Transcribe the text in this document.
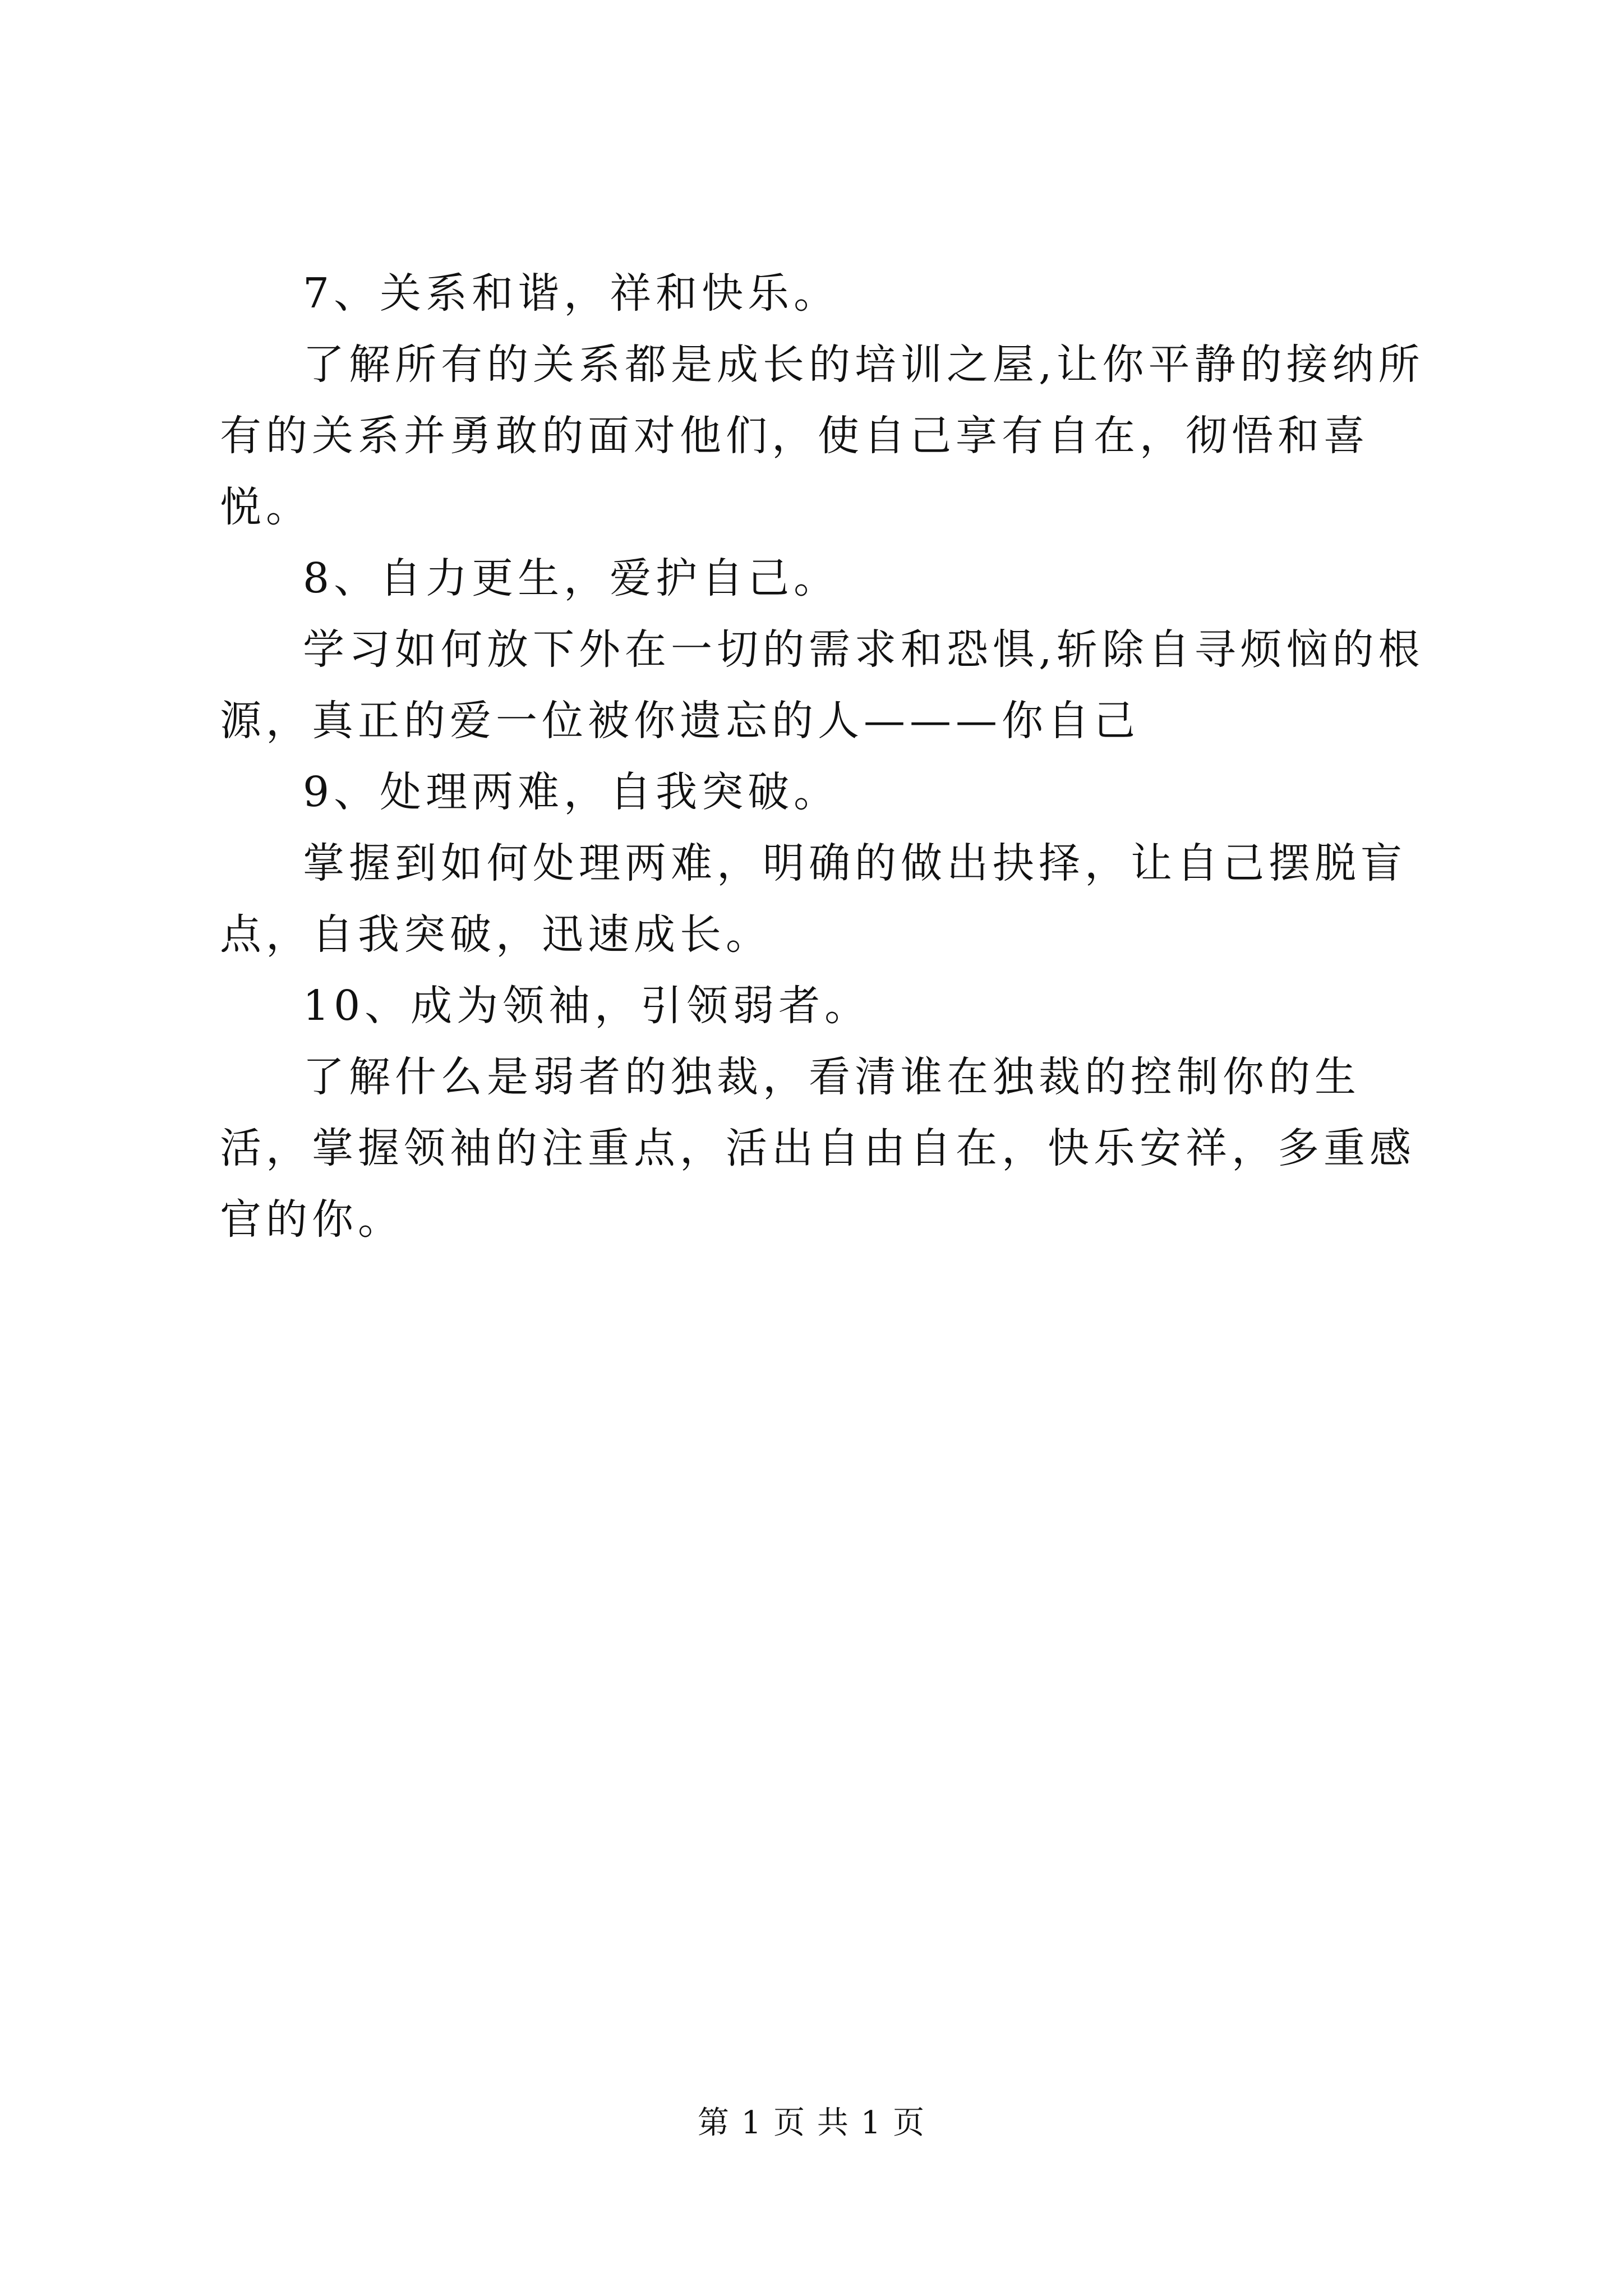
7、关系和谐，祥和快乐。

了解所有的关系都是成长的培训之屋,让你平静的接纳所有的关系并勇敢的面对他们，使自己享有自在，彻悟和喜悦。

8、自力更生，爱护自己。

学习如何放下外在一切的需求和恐惧,斩除自寻烦恼的根源，真正的爱一位被你遗忘的人———你自己

9、处理两难，自我突破。

掌握到如何处理两难，明确的做出抉择，让自己摆脱盲点，自我突破，迅速成长。

10、成为领袖，引领弱者。

了解什么是弱者的独裁，看清谁在独裁的控制你的生活，掌握领袖的注重点，活出自由自在，快乐安祥，多重感官的你。

第 1 页 共 1 页
